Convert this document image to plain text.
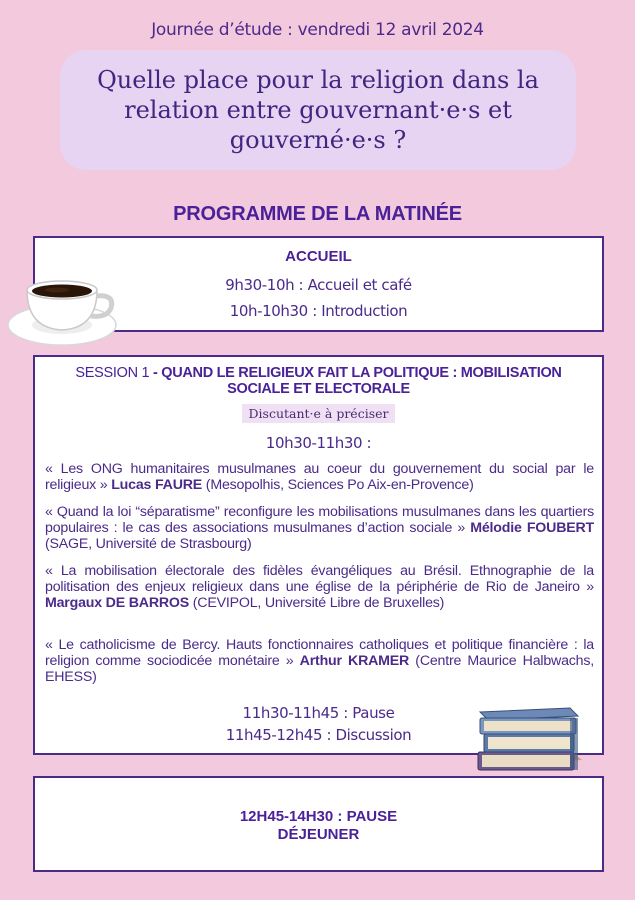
Journée d’étude : vendredi 12 avril 2024
Quelle place pour la religion dans la relation entre gouvernant·e·s et gouverné·e·s ?
PROGRAMME DE LA MATINÉE
ACCUEIL
9h30-10h : Accueil et café
10h-10h30 : Introduction
SESSION 1 - QUAND LE RELIGIEUX FAIT LA POLITIQUE : MOBILISATION SOCIALE ET ELECTORALE
Discutant·e à préciser
10h30-11h30 :
« Les ONG humanitaires musulmanes au coeur du gouvernement du social par le religieux » Lucas FAURE (Mesopolhis, Sciences Po Aix-en-Provence)
« Quand la loi “séparatisme” reconfigure les mobilisations musulmanes dans les quartiers populaires : le cas des associations musulmanes d’action sociale » Mélodie FOUBERT (SAGE, Université de Strasbourg)
« La mobilisation électorale des fidèles évangéliques au Brésil. Ethnographie de la politisation des enjeux religieux dans une église de la périphérie de Rio de Janeiro » Margaux DE BARROS (CEVIPOL, Université Libre de Bruxelles)
« Le catholicisme de Bercy. Hauts fonctionnaires catholiques et politique financière : la religion comme sociodicée monétaire » Arthur KRAMER (Centre Maurice Halbwachs, EHESS)
11h30-11h45 : Pause
11h45-12h45 : Discussion
12H45-14H30 : PAUSE
DÉJEUNER
